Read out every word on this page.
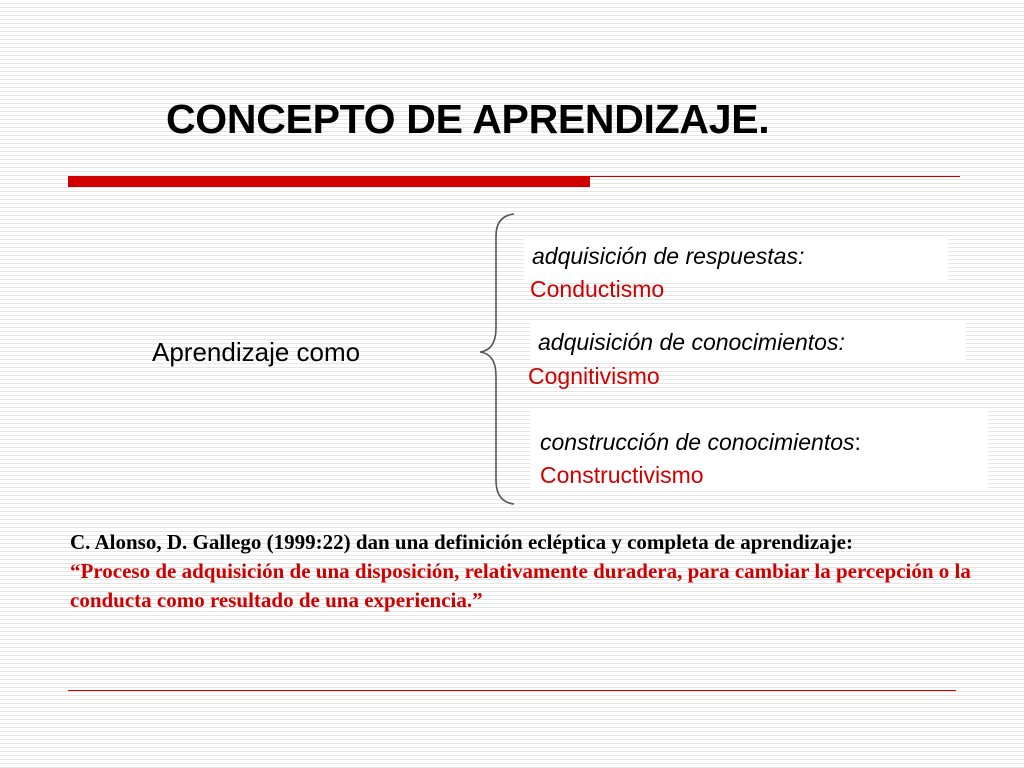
CONCEPTO DE APRENDIZAJE.
Aprendizaje como
adquisición de respuestas:
Conductismo
adquisición de conocimientos:
Cognitivismo
construcción de conocimientos:
Constructivismo
C. Alonso, D. Gallego (1999:22) dan una definición ecléptica y completa de aprendizaje:
“Proceso de adquisición de una disposición, relativamente duradera, para cambiar la percepción o la conducta como resultado de una experiencia.”
